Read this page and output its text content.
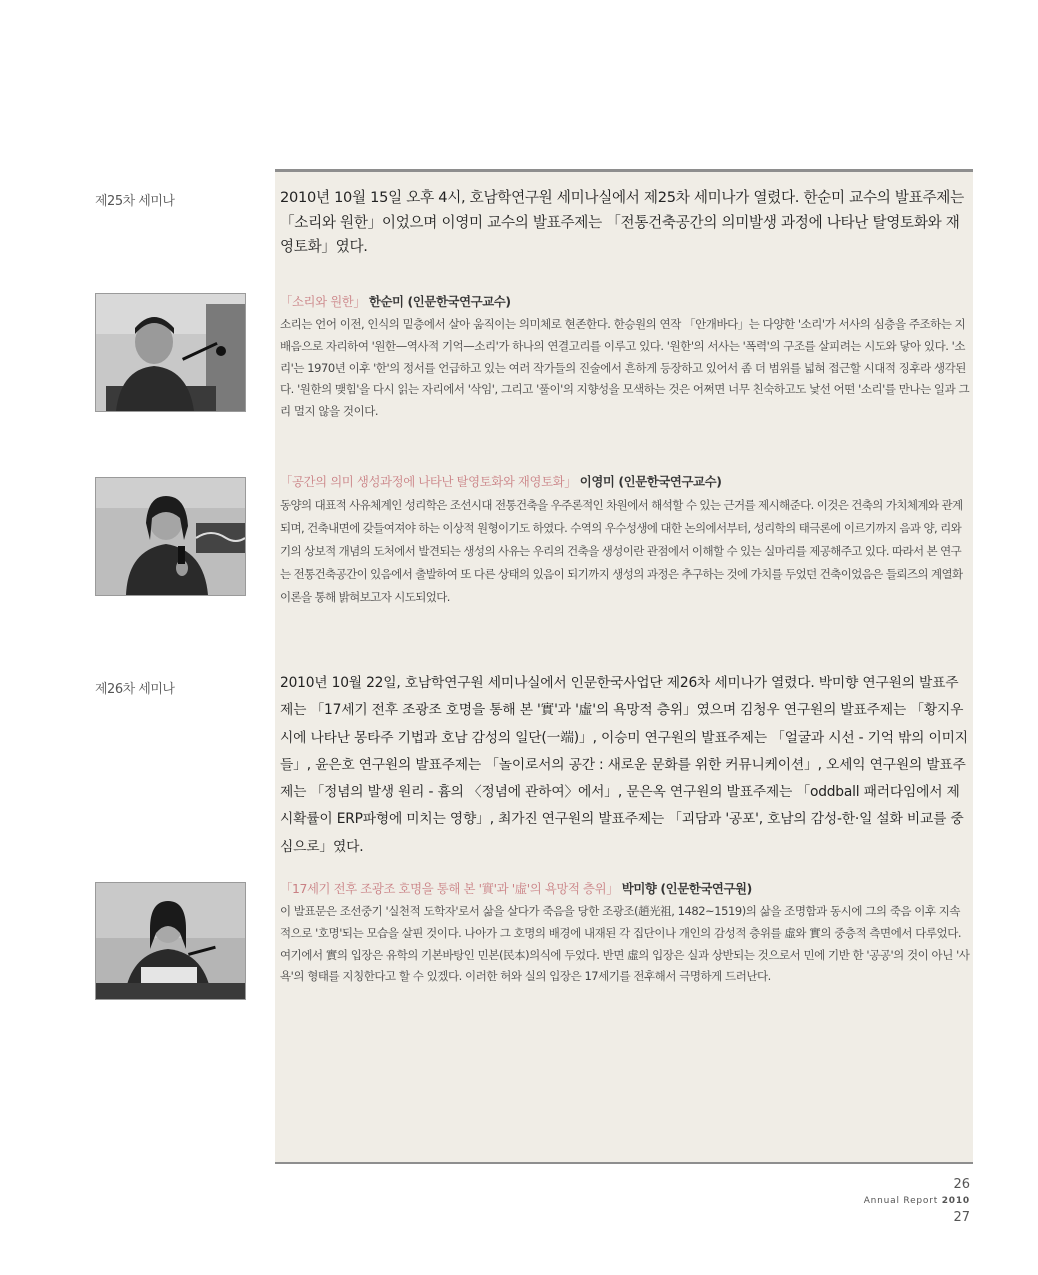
제25차 세미나	2010년 10월 15일 오후 4시, 호남학연구원 세미나실에서 제25차 세미나가 열렸다. 한순미 교수의 발표주제는 「소리와 원한」이었으며 이영미 교수의 발표주제는 「전통건축공간의 의미발생 과정에 나타난 탈영토화와 재영토화」였다.

「소리와 원한」 한순미 (인문한국연구교수)

소리는 언어 이전, 인식의 밑층에서 살아 움직이는 의미체로 현존한다. 한승원의 연작 「안개바다」는 다양한 '소리'가 서사의 심층을 주조하는 지배음으로 자리하여 '원한—역사적 기억—소리'가 하나의 연결고리를 이루고 있다. '원한'의 서사는 '폭력'의 구조를 살피려는 시도와 닿아 있다. '소리'는 1970년 이후 '한'의 정서를 언급하고 있는 여러 작가들의 진술에서 흔하게 등장하고 있어서 좀 더 범위를 넓혀 접근할 시대적 징후라 생각된다. '원한의 맺힘'을 다시 읽는 자리에서 '삭임', 그리고 '풀이'의 지향성을 모색하는 것은 어쩌면 너무 친숙하고도 낯선 어떤 '소리'를 만나는 일과 그리 멀지 않을 것이다.

「공간의 의미 생성과정에 나타난 탈영토화와 재영토화」 이영미 (인문한국연구교수)

동양의 대표적 사유체계인 성리학은 조선시대 전통건축을 우주론적인 차원에서 해석할 수 있는 근거를 제시해준다. 이것은 건축의 가치체계와 관계되며, 건축내면에 갖들여져야 하는 이상적 원형이기도 하였다. 수역의 우수성생에 대한 논의에서부터, 성리학의 태극론에 이르기까지 음과 양, 리와 기의 상보적 개념의 도처에서 발견되는 생성의 사유는 우리의 건축을 생성이란 관점에서 이해할 수 있는 실마리를 제공해주고 있다. 따라서 본 연구는 전통건축공간이 있음에서 출발하여 또 다른 상태의 있음이 되기까지 생성의 과정은 추구하는 것에 가치를 두었던 건축이었음은 들뢰즈의 계열화 이론을 통해 밝혀보고자 시도되었다.

제26차 세미나	2010년 10월 22일, 호남학연구원 세미나실에서 인문한국사업단 제26차 세미나가 열렸다. 박미향 연구원의 발표주제는 「17세기 전후 조광조 호명을 통해 본 '實'과 '虛'의 욕망적 층위」였으며 김청우 연구원의 발표주제는 「황지우 시에 나타난 몽타주 기법과 호남 감성의 일단(一端)」, 이승미 연구원의 발표주제는 「얼굴과 시선 - 기억 밖의 이미지들」, 윤은호 연구원의 발표주제는 「놀이로서의 공간 : 새로운 문화를 위한 커뮤니케이션」, 오세익 연구원의 발표주제는 「정념의 발생 원리 - 흄의 〈정념에 관하여〉에서」, 문은옥 연구원의 발표주제는 「oddball 패러다임에서 제시확률이 ERP파형에 미치는 영향」, 최가진 연구원의 발표주제는 「괴담과 '공포', 호남의 감성-한·일 설화 비교를 중심으로」였다.

「17세기 전후 조광조 호명을 통해 본 '實'과 '虛'의 욕망적 층위」 박미향 (인문한국연구원)

이 발표문은 조선중기 '실천적 도학자'로서 삶을 살다가 죽음을 당한 조광조(趙光祖, 1482~1519)의 삶을 조명함과 동시에 그의 죽음 이후 지속적으로 '호명'되는 모습을 살핀 것이다. 나아가 그 호명의 배경에 내재된 각 집단이나 개인의 감성적 층위를 虛와 實의 중층적 측면에서 다루었다. 여기에서 實의 입장은 유학의 기본바탕인 민본(民本)의식에 두었다. 반면 虛의 입장은 실과 상반되는 것으로서 민에 기반 한 '공공'의 것이 아닌 '사욕'의 형태를 지칭한다고 할 수 있겠다. 이러한 허와 실의 입장은 17세기를 전후해서 극명하게 드러난다.

26
Annual Report 2010
27
